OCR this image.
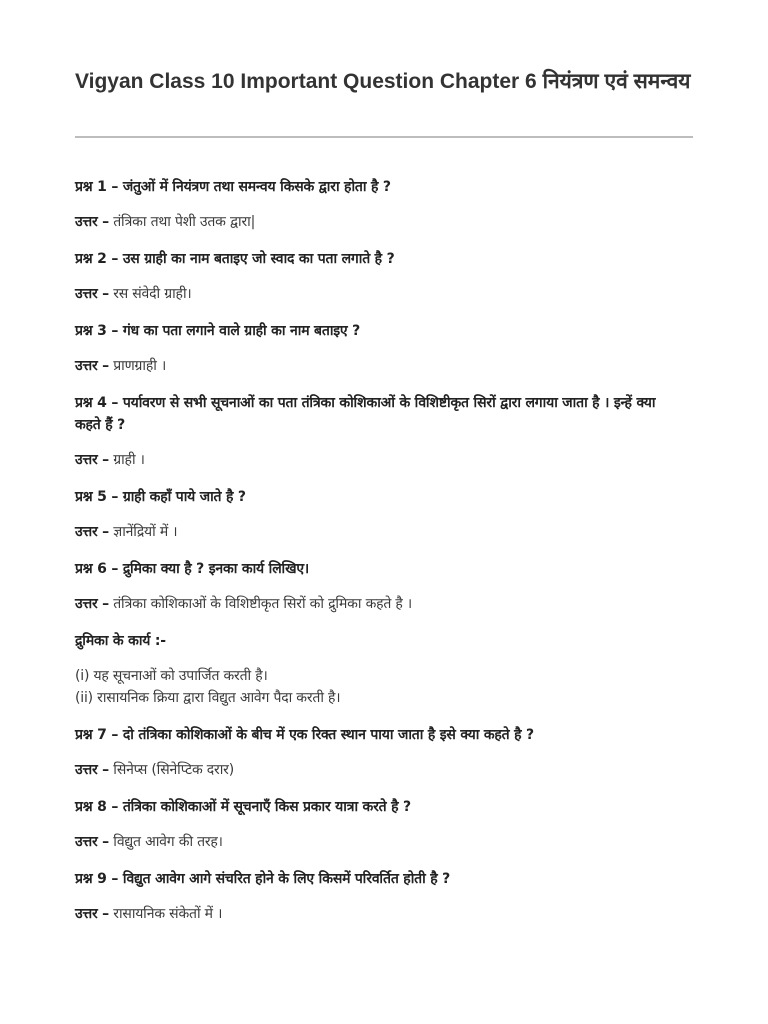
Vigyan Class 10 Important Question Chapter 6 नियंत्रण एवं समन्वय

प्रश्न 1 – जंतुओं में नियंत्रण तथा समन्वय किसके द्वारा होता है ?

उत्तर – तंत्रिका तथा पेशी उतक द्वारा|

प्रश्न 2 – उस ग्राही का नाम बताइए जो स्वाद का पता लगाते है ?

उत्तर – रस संवेदी ग्राही।

प्रश्न 3 – गंध का पता लगाने वाले ग्राही का नाम बताइए ?

उत्तर – प्राणग्राही ।

प्रश्न 4 – पर्यावरण से सभी सूचनाओं का पता तंत्रिका कोशिकाओं के विशिष्टीकृत सिरों द्वारा लगाया जाता है । इन्हें क्या कहते हैं ?

उत्तर – ग्राही ।

प्रश्न 5 – ग्राही कहाँ पाये जाते है ?

उत्तर – ज्ञानेंद्रियों में ।

प्रश्न 6 – द्रुमिका क्या है ? इनका कार्य लिखिए।

उत्तर – तंत्रिका कोशिकाओं के विशिष्टीकृत सिरों को द्रुमिका कहते है ।

द्रुमिका के कार्य :-

(i) यह सूचनाओं को उपार्जित करती है।

(ii) रासायनिक क्रिया द्वारा विद्युत आवेग पैदा करती है।

प्रश्न 7 – दो तंत्रिका कोशिकाओं के बीच में एक रिक्त स्थान पाया जाता है इसे क्या कहते है ?

उत्तर – सिनेप्स (सिनेप्टिक दरार)

प्रश्न 8 – तंत्रिका कोशिकाओं में सूचनाएँ किस प्रकार यात्रा करते है ?

उत्तर – विद्युत आवेग की तरह।

प्रश्न 9 – विद्युत आवेग आगे संचरित होने के लिए किसमें परिवर्तित होती है ?

उत्तर – रासायनिक संकेतों में ।
